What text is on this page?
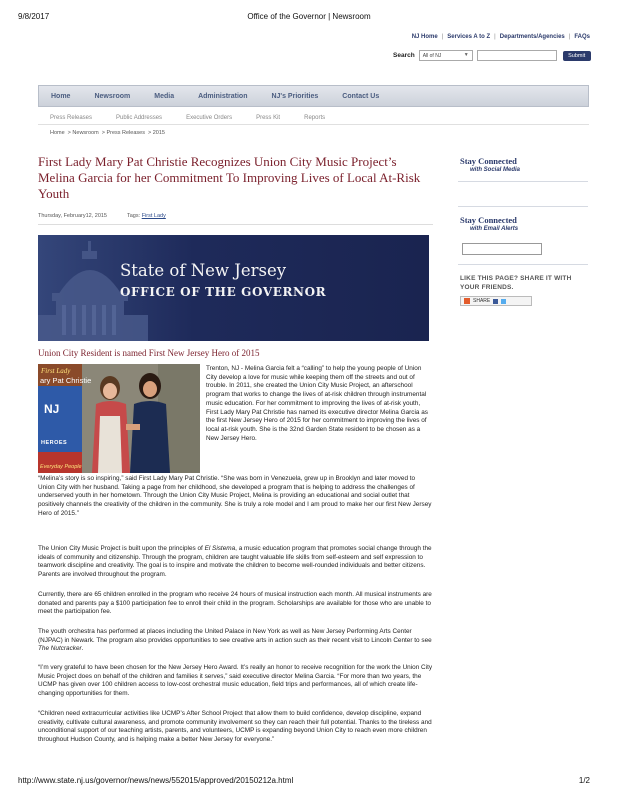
9/8/2017	Office of the Governor | Newsroom
NJ Home | Services A to Z | Departments/Agencies | FAQs
Search	All of NJ	▼	Submit
Home	Newsroom	Media	Administration	NJ's Priorities	Contact Us
Press Releases	Public Addresses	Executive Orders	Press Kit	Reports
Home > Newsroom > Press Releases > 2015
First Lady Mary Pat Christie Recognizes Union City Music Project’s Melina Garcia for her Commitment To Improving Lives of Local At-Risk Youth
Thursday, February12, 2015	Tags: First Lady
State of New Jersey
OFFICE OF THE GOVERNOR
Union City Resident is named First New Jersey Hero of 2015
First Lady
ary Pat Christie
NJ
HEROES
Everyday People
Trenton, NJ - Melina Garcia felt a “calling” to help the young people of Union City develop a love for music while keeping them off the streets and out of trouble. In 2011, she created the Union City Music Project, an afterschool program that works to change the lives of at-risk children through instrumental music education. For her commitment to improving the lives of at-risk youth, First Lady Mary Pat Christie has named its executive director Melina Garcia as the first New Jersey Hero of 2015 for her commitment to improving the lives of local at-risk youth. She is the 32nd Garden State resident to be chosen as a New Jersey Hero.
“Melina’s story is so inspiring,” said First Lady Mary Pat Christie. “She was born in Venezuela, grew up in Brooklyn and later moved to Union City with her husband. Taking a page from her childhood, she developed a program that is helping to address the challenges of underserved youth in her hometown. Through the Union City Music Project, Melina is providing an educational and social outlet that positively channels the creativity of the children in the community. She is truly a role model and I am proud to make her our first New Jersey Hero of 2015.”
The Union City Music Project is built upon the principles of El Sistema, a music education program that promotes social change through the ideals of community and citizenship. Through the program, children are taught valuable life skills from self-esteem and self expression to teamwork discipline and creativity. The goal is to inspire and motivate the children to become well-rounded individuals and better citizens. Parents are involved throughout the program.
Currently, there are 65 children enrolled in the program who receive 24 hours of musical instruction each month. All musical instruments are donated and parents pay a $100 participation fee to enroll their child in the program. Scholarships are available for those who are unable to meet the participation fee.
The youth orchestra has performed at places including the United Palace in New York as well as New Jersey Performing Arts Center (NJPAC) in Newark. The program also provides opportunities to see creative arts in action such as their recent visit to Lincoln Center to see The Nutcracker.
“I’m very grateful to have been chosen for the New Jersey Hero Award. It’s really an honor to receive recognition for the work the Union City Music Project does on behalf of the children and families it serves,” said executive director Melina Garcia. “For more than two years, the UCMP has given over 100 children access to low-cost orchestral music education, field trips and performances, all of which create life-changing opportunities for them.
“Children need extracurricular activities like UCMP’s After School Project that allow them to build confidence, develop discipline, expand creativity, cultivate cultural awareness, and promote community involvement so they can reach their full potential. Thanks to the tireless and unconditional support of our teaching artists, parents, and volunteers, UCMP is expanding beyond Union City to reach even more children throughout Hudson County, and is helping make a better New Jersey for everyone.”
Stay Connected
with Social Media
Stay Connected
with Email Alerts
LIKE THIS PAGE? SHARE IT WITH YOUR FRIENDS.
SHARE
http://www.state.nj.us/governor/news/news/552015/approved/20150212a.html	1/2
